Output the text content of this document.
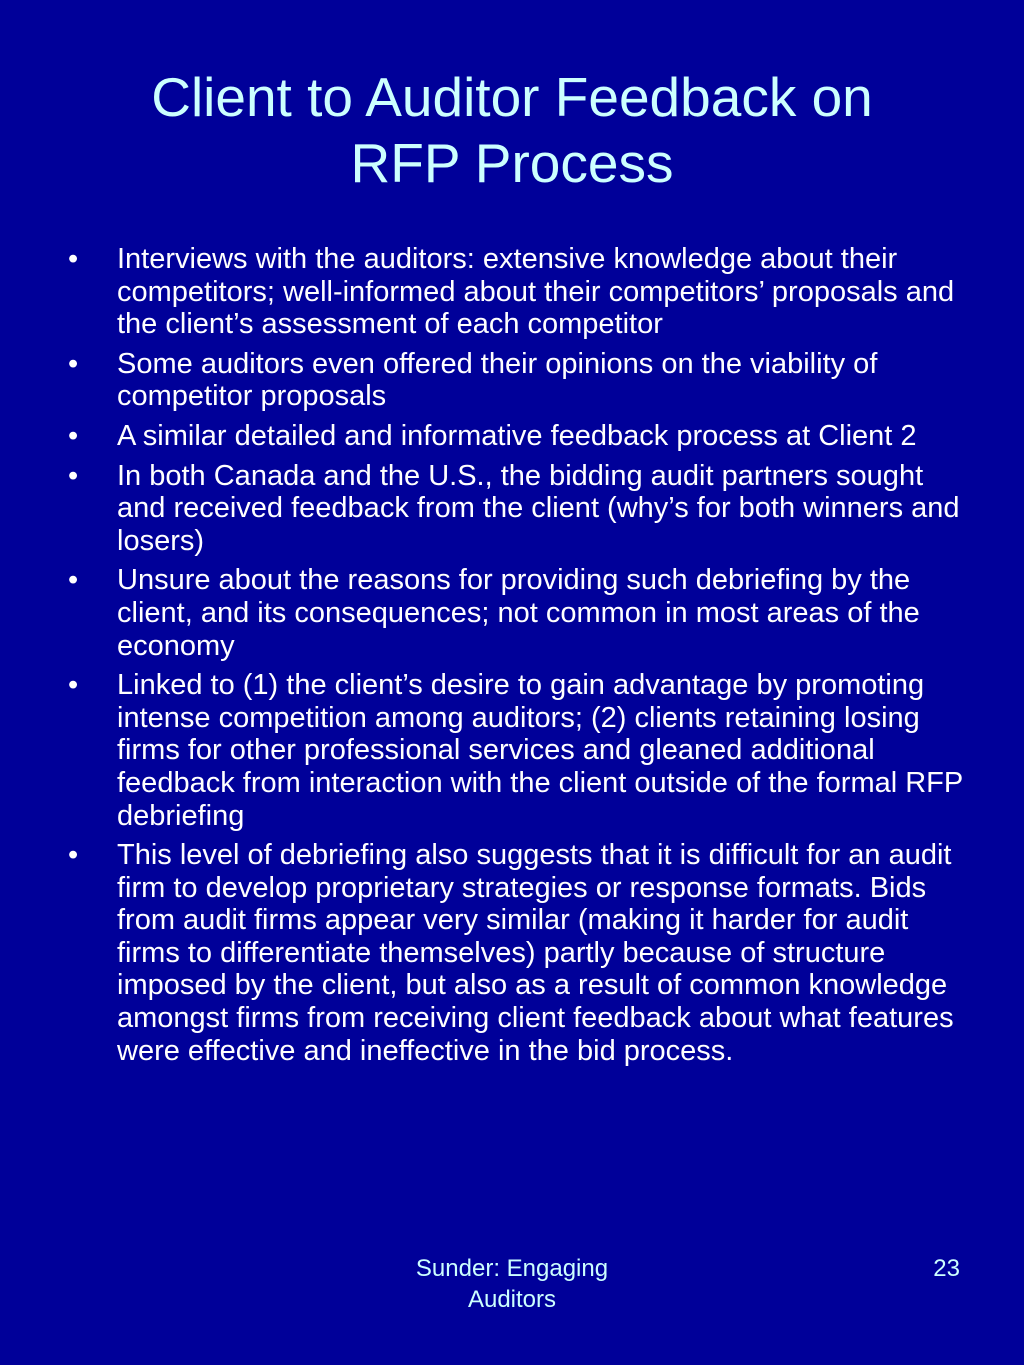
Client to Auditor Feedback on
RFP Process
• Interviews with the auditors: extensive knowledge about their competitors; well-informed about their competitors’ proposals and the client’s assessment of each competitor
• Some auditors even offered their opinions on the viability of competitor proposals
• A similar detailed and informative feedback process at Client 2
• In both Canada and the U.S., the bidding audit partners sought and received feedback from the client (why’s for both winners and losers)
• Unsure about the reasons for providing such debriefing by the client, and its consequences; not common in most areas of the economy
• Linked to (1) the client’s desire to gain advantage by promoting intense competition among auditors; (2) clients retaining losing firms for other professional services and gleaned additional feedback from interaction with the client outside of the formal RFP debriefing
• This level of debriefing also suggests that it is difficult for an audit firm to develop proprietary strategies or response formats. Bids from audit firms appear very similar (making it harder for audit firms to differentiate themselves) partly because of structure imposed by the client, but also as a result of common knowledge amongst firms from receiving client feedback about what features were effective and ineffective in the bid process.
Sunder: Engaging
Auditors
23
